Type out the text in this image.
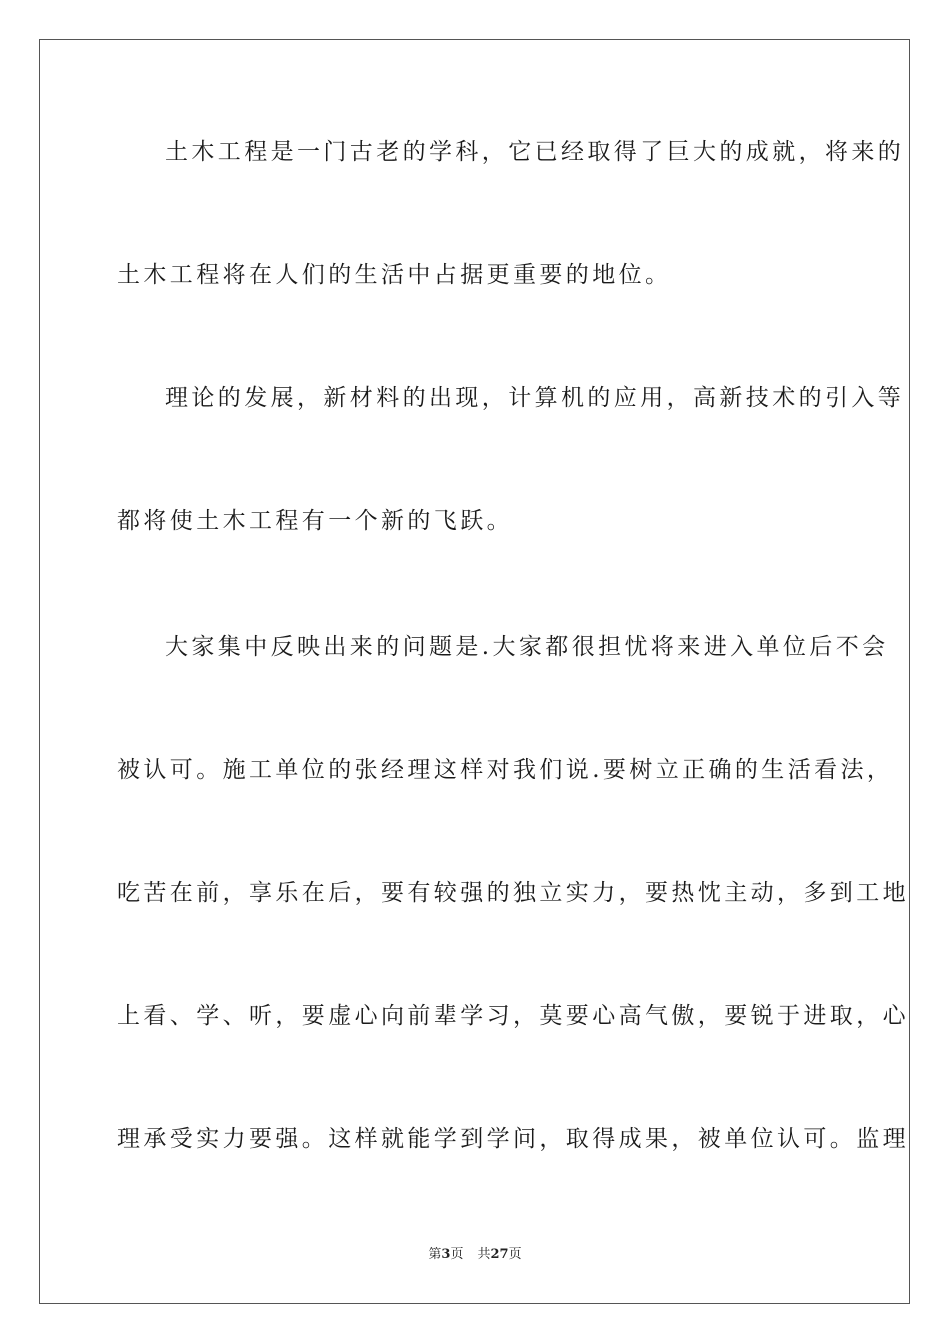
土木工程是一门古老的学科，它已经取得了巨大的成就，将来的
土木工程将在人们的生活中占据更重要的地位。
理论的发展，新材料的出现，计算机的应用，高新技术的引入等
都将使土木工程有一个新的飞跃。
大家集中反映出来的问题是.大家都很担忧将来进入单位后不会
被认可。施工单位的张经理这样对我们说.要树立正确的生活看法，
吃苦在前，享乐在后，要有较强的独立实力，要热忱主动，多到工地
上看、学、听，要虚心向前辈学习，莫要心高气傲，要锐于进取，心
理承受实力要强。这样就能学到学问，取得成果，被单位认可。监理
第3页 共27页
